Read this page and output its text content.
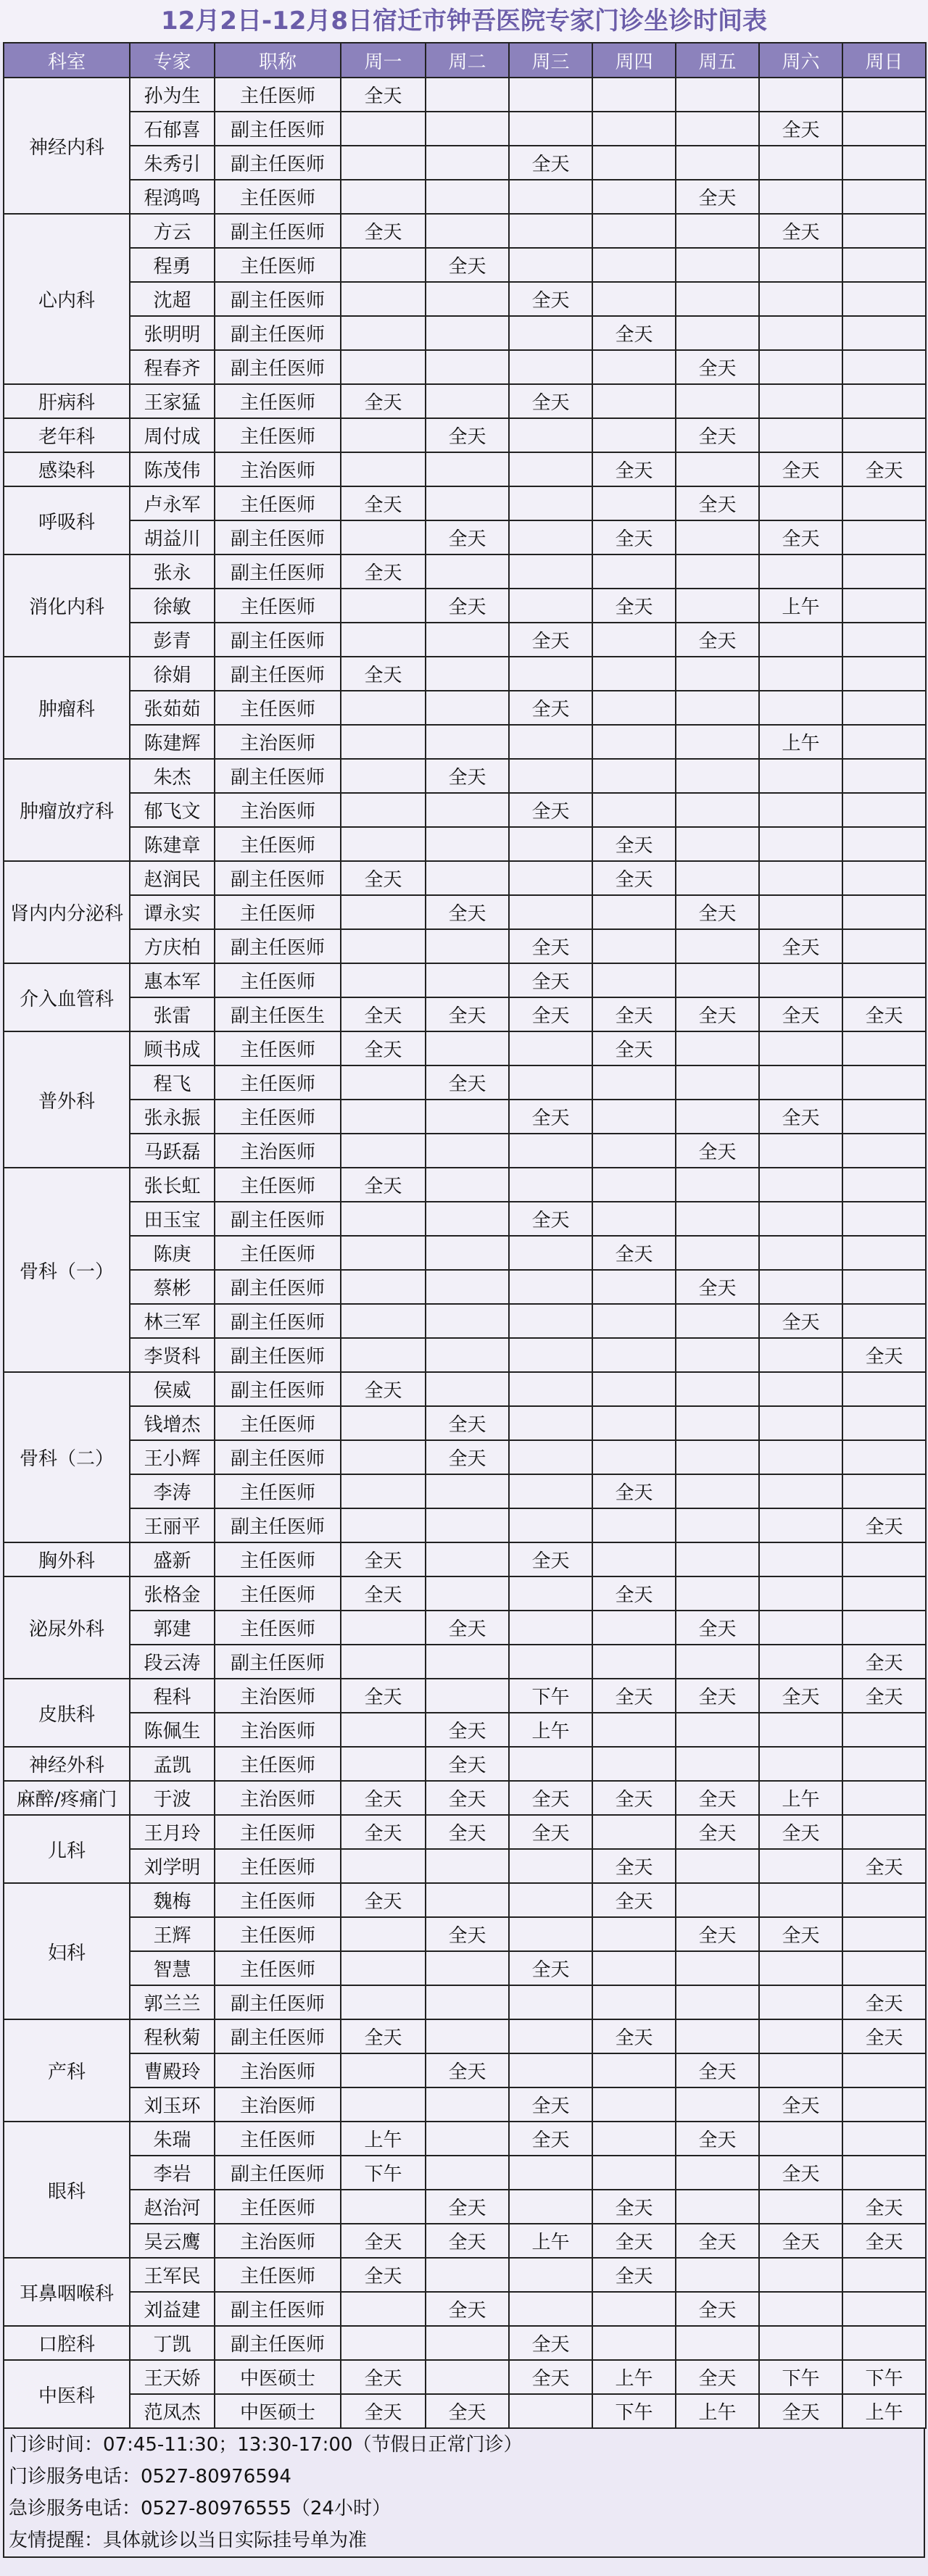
12月2日-12月8日宿迁市钟吾医院专家门诊坐诊时间表
科室	专家	职称	周一	周二	周三	周四	周五	周六	周日
神经内科	孙为生	主任医师	全天						
	石郁喜	副主任医师						全天	
	朱秀引	副主任医师			全天				
	程鸿鸣	主任医师					全天		
心内科	方云	副主任医师	全天					全天	
	程勇	主任医师		全天					
	沈超	副主任医师			全天				
	张明明	副主任医师				全天			
	程春齐	副主任医师					全天		
肝病科	王家猛	主任医师	全天		全天				
老年科	周付成	主任医师		全天			全天		
感染科	陈茂伟	主治医师				全天		全天	全天
呼吸科	卢永军	主任医师	全天				全天		
	胡益川	副主任医师		全天		全天		全天	
消化内科	张永	副主任医师	全天						
	徐敏	主任医师		全天		全天		上午	
	彭青	副主任医师			全天		全天		
肿瘤科	徐娟	副主任医师	全天						
	张茹茹	主任医师			全天				
	陈建辉	主治医师						上午	
肿瘤放疗科	朱杰	副主任医师		全天					
	郁飞文	主治医师			全天				
	陈建章	主任医师				全天			
肾内内分泌科	赵润民	副主任医师	全天			全天			
	谭永实	主任医师		全天			全天		
	方庆柏	副主任医师			全天			全天	
介入血管科	惠本军	主任医师			全天				
	张雷	副主任医生	全天	全天	全天	全天	全天	全天	全天
普外科	顾书成	主任医师	全天			全天			
	程飞	主任医师		全天					
	张永振	主任医师			全天			全天	
	马跃磊	主治医师					全天		
骨科（一）	张长虹	主任医师	全天						
	田玉宝	副主任医师			全天				
	陈庚	主任医师				全天			
	蔡彬	副主任医师					全天		
	林三军	副主任医师						全天	
	李贤科	副主任医师							全天
骨科（二）	侯威	副主任医师	全天						
	钱增杰	主任医师		全天					
	王小辉	副主任医师		全天					
	李涛	主任医师				全天			
	王丽平	副主任医师							全天
胸外科	盛新	主任医师	全天		全天				
泌尿外科	张格金	主任医师	全天			全天			
	郭建	主任医师		全天			全天		
	段云涛	副主任医师							全天
皮肤科	程科	主治医师	全天		下午	全天	全天	全天	全天
	陈佩生	主治医师		全天	上午				
神经外科	孟凯	主任医师		全天					
麻醉/疼痛门	于波	主治医师	全天	全天	全天	全天	全天	上午	
儿科	王月玲	主任医师	全天	全天	全天		全天	全天	
	刘学明	主任医师				全天			全天
妇科	魏梅	主任医师	全天			全天			
	王辉	主任医师		全天			全天	全天	
	智慧	主任医师			全天				
	郭兰兰	副主任医师							全天
产科	程秋菊	副主任医师	全天			全天			全天
	曹殿玲	主治医师		全天			全天		
	刘玉环	主治医师			全天			全天	
眼科	朱瑞	主任医师	上午		全天		全天		
	李岩	副主任医师	下午					全天	
	赵治河	主任医师		全天		全天			全天
	吴云鹰	主治医师	全天	全天	上午	全天	全天	全天	全天
耳鼻咽喉科	王军民	主任医师	全天			全天			
	刘益建	副主任医师		全天			全天		
口腔科	丁凯	副主任医师			全天				
中医科	王天娇	中医硕士	全天		全天	上午	全天	下午	下午
	范凤杰	中医硕士	全天	全天		下午	上午	全天	上午
门诊时间：07:45-11:30；13:30-17:00（节假日正常门诊）
门诊服务电话：0527-80976594
急诊服务电话：0527-80976555（24小时）
友情提醒：具体就诊以当日实际挂号单为准
